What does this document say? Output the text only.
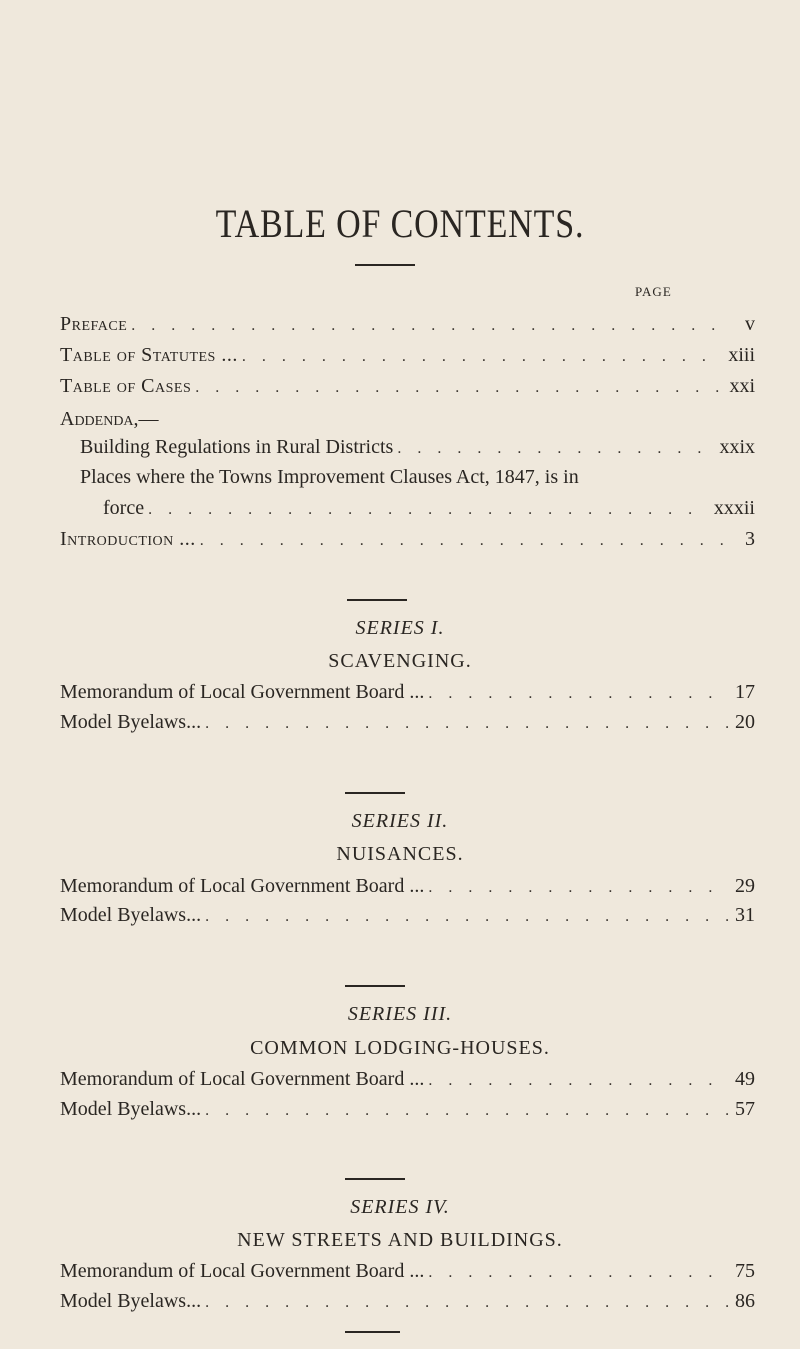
TABLE OF CONTENTS.
PAGE
Preface . . .	v
Table of Statutes ... . . .	xiii
Table of Cases . . .	xxi
Addenda,—
Building Regulations in Rural Districts . . .	xxix
Places where the Towns Improvement Clauses Act, 1847, is in
force . . .	xxxii
Introduction ... . . .	3
SERIES I.
SCAVENGING.
Memorandum of Local Government Board ... . . .	17
Model Byelaws... . . .	20
SERIES II.
NUISANCES.
Memorandum of Local Government Board ... . . .	29
Model Byelaws... . . .	31
SERIES III.
COMMON LODGING-HOUSES.
Memorandum of Local Government Board ... . . .	49
Model Byelaws... . . .	57
SERIES IV.
NEW STREETS AND BUILDINGS.
Memorandum of Local Government Board ... . . .	75
Model Byelaws... . . .	86
